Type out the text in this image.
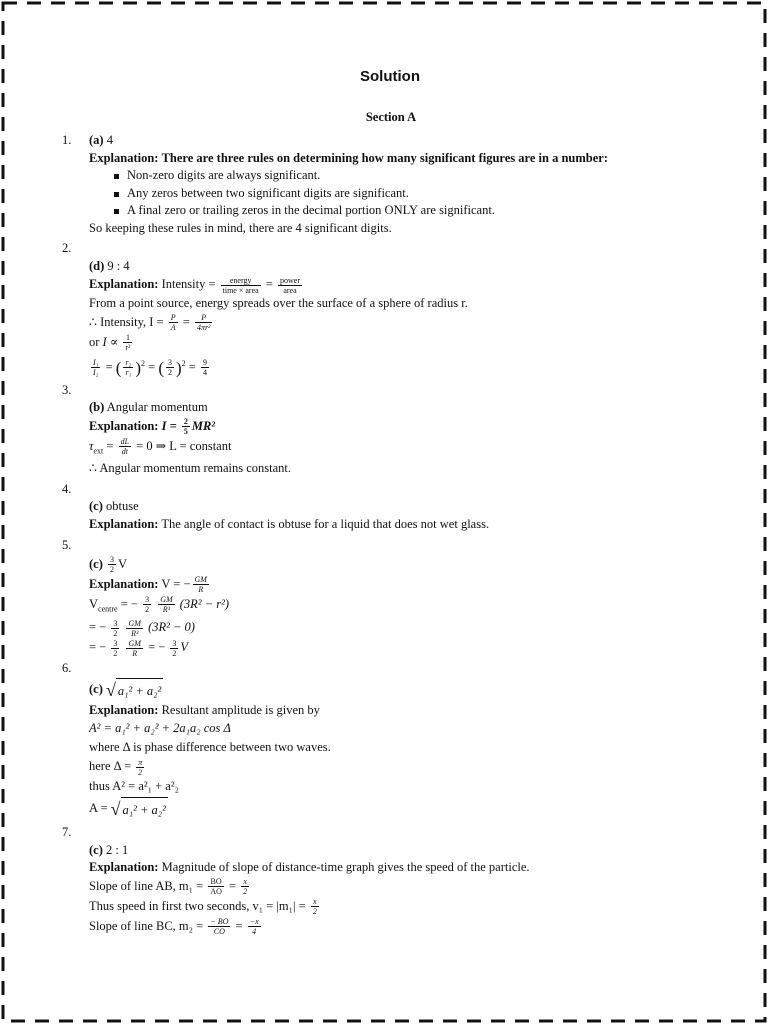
Solution
Section A
1. (a) 4
Explanation: There are three rules on determining how many significant figures are in a number:
Non-zero digits are always significant.
Any zeros between two significant digits are significant.
A final zero or trailing zeros in the decimal portion ONLY are significant.
So keeping these rules in mind, there are 4 significant digits.
2.
(d) 9 : 4
Explanation: Intensity = $\frac{\text{energy}}{\text{time × area}} = \frac{\text{power}}{\text{area}}$
From a point source, energy spreads over the surface of a sphere of radius r.
∴ Intensity, $I = \frac{P}{A} = \frac{P}{\text{4πr²}}$
or $I \propto \frac{1}{\text{r²}}$
$\frac{\text{I₁}}{\text{I₂}}$ = ( $\frac{\text{r₂}}{\text{r₁}} )^2$ = ( $\frac{3}{2} )^2 = \frac{9}{4}$
3.
(b) Angular momentum
Explanation: $I = \frac{2}{5} MR^2$
$\tau_{ext} = \frac{dL}{dt} = 0$ ⇒ L = constant
∴ Angular momentum remains constant.
4.
(c) obtuse
Explanation: The angle of contact is obtuse for a liquid that does not wet glass.
5.
$(c) \frac{3}{2}$ V
Explanation: V = − $\frac{GM}{R}$
$V_{centre}$ = − $\frac{3}{2}$
$\frac{GM}{\text{R³}} (3R^2 - r^2)$
= − $\frac{3}{2}$
$\frac{GM}{\text{R³}} (3R^2 - 0)$
= − $\frac{3}{2}$
$\frac{GM}{R}$ = − $\frac{3}{2}$ V
6.
(c) √ a₁² + a₂²
Explanation: Resultant amplitude is given by
A² = a₁² + a₂² + 2a₁a₂ cos Δ
where Δ is phase difference between two waves.
here $\Delta = \frac{\pi}{2}$
thus A² = a²₁ + a²₂
A = √ a₁² + a₂²
7.
(c) 2 : 1
Explanation: Magnitude of slope of distance-time graph gives the speed of the particle.
Slope of line AB, $m_1 = \frac{BO}{AO} = \frac{x}{2}$
Thus speed in first two seconds, $v_1 = |m_1| = \frac{x}{2}$
Slope of line BC, $m_2 = \frac{- BO}{CO} = \frac{-x}{4}$
